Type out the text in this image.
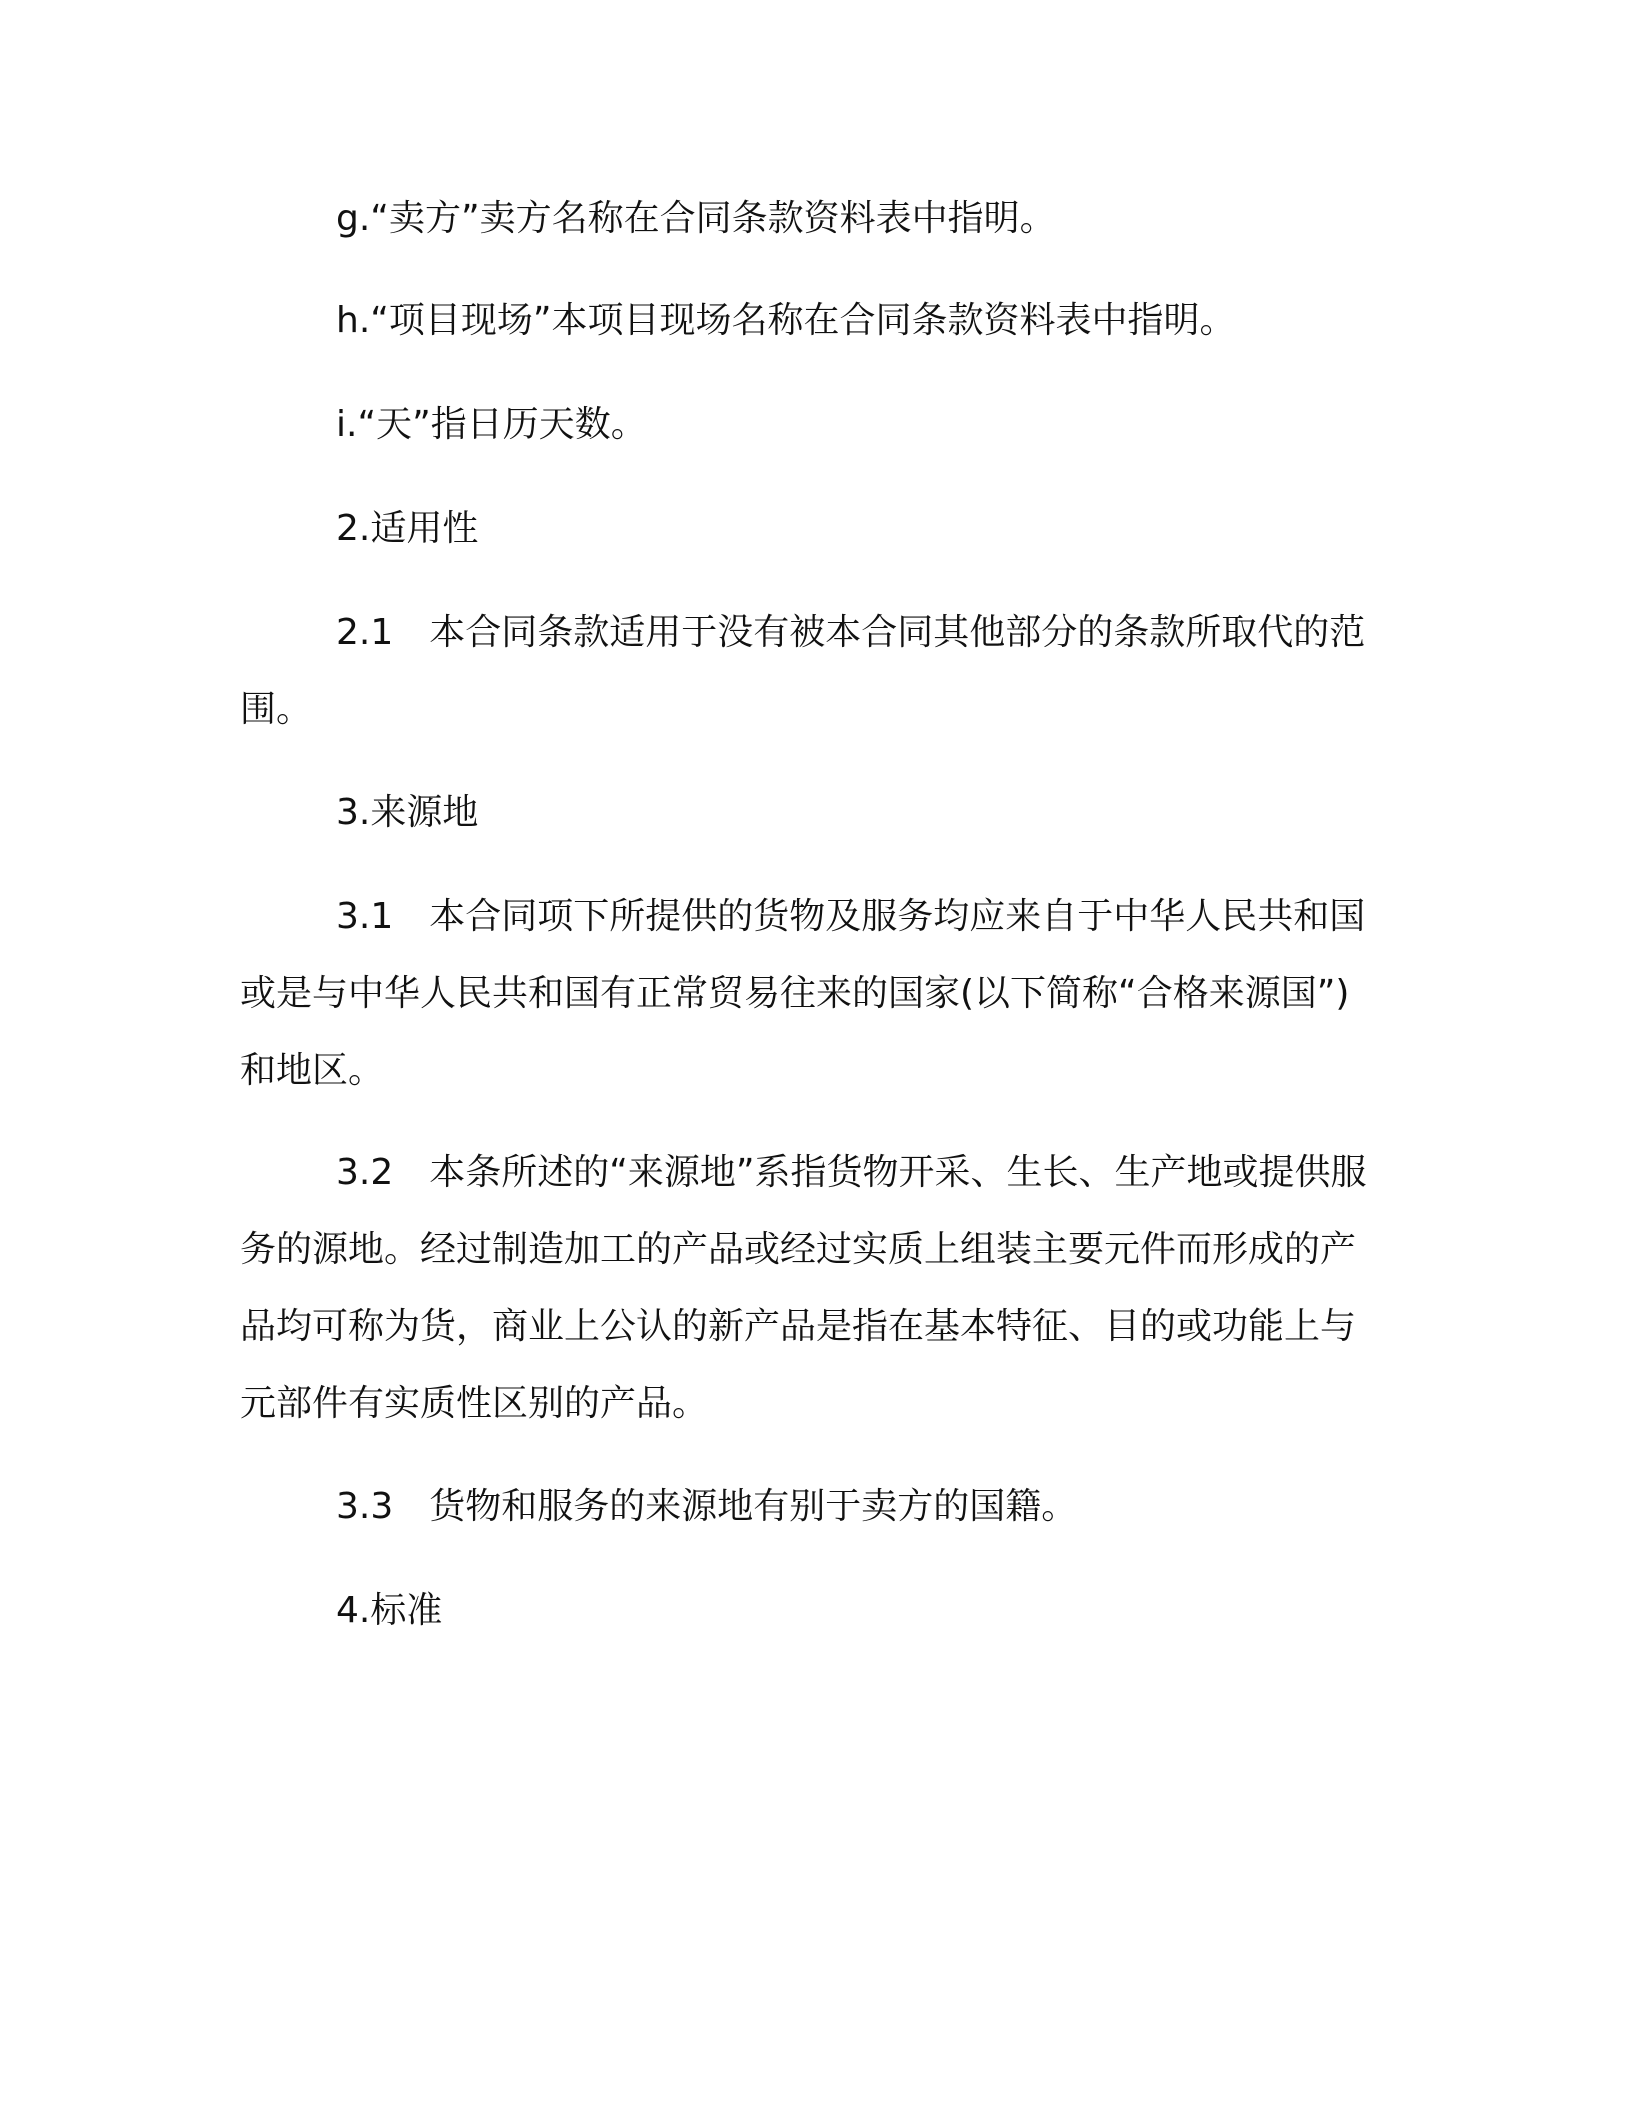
g.“卖方”卖方名称在合同条款资料表中指明。

h.“项目现场”本项目现场名称在合同条款资料表中指明。

i.“天”指日历天数。

2.适用性

2.1　本合同条款适用于没有被本合同其他部分的条款所取代的范围。

3.来源地

3.1　本合同项下所提供的货物及服务均应来自于中华人民共和国或是与中华人民共和国有正常贸易往来的国家(以下简称“合格来源国”)和地区。

3.2　本条所述的“来源地”系指货物开采、生长、生产地或提供服务的源地。经过制造加工的产品或经过实质上组装主要元件而形成的产品均可称为货，商业上公认的新产品是指在基本特征、目的或功能上与元部件有实质性区别的产品。

3.3　货物和服务的来源地有别于卖方的国籍。

4.标准
